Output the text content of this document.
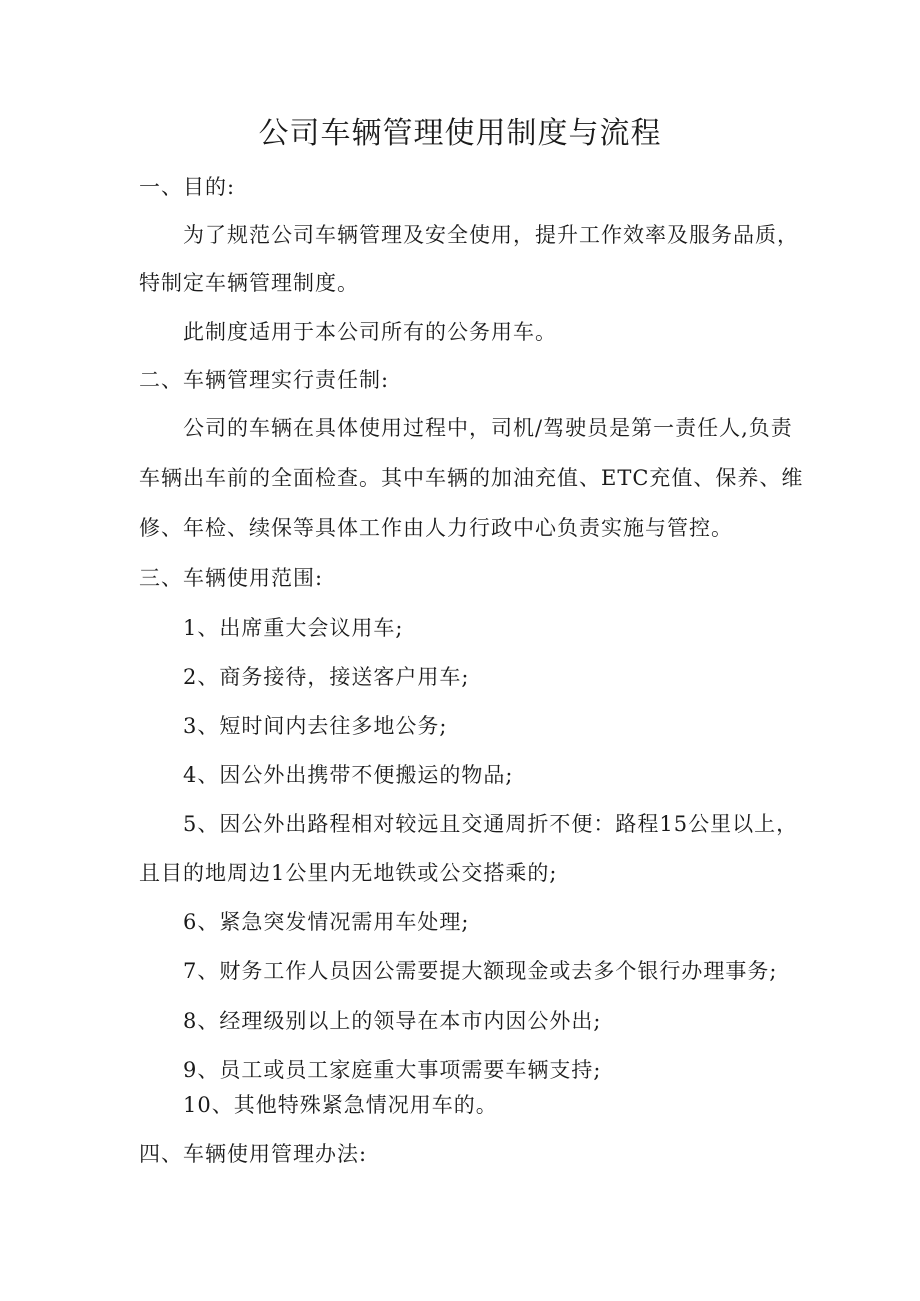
公司车辆管理使用制度与流程
一、目的:
为了规范公司车辆管理及安全使用，提升工作效率及服务品质，
特制定车辆管理制度。
此制度适用于本公司所有的公务用车。
二、车辆管理实行责任制:
公司的车辆在具体使用过程中，司机/驾驶员是第一责任人,负责
车辆出车前的全面检查。其中车辆的加油充值、ETC充值、保养、维
修、年检、续保等具体工作由人力行政中心负责实施与管控。
三、车辆使用范围:
1、出席重大会议用车;
2、商务接待，接送客户用车;
3、短时间内去往多地公务;
4、因公外出携带不便搬运的物品;
5、因公外出路程相对较远且交通周折不便：路程15公里以上，
且目的地周边1公里内无地铁或公交搭乘的;
6、紧急突发情况需用车处理;
7、财务工作人员因公需要提大额现金或去多个银行办理事务;
8、经理级别以上的领导在本市内因公外出;
9、员工或员工家庭重大事项需要车辆支持;
10、其他特殊紧急情况用车的。
四、车辆使用管理办法:
